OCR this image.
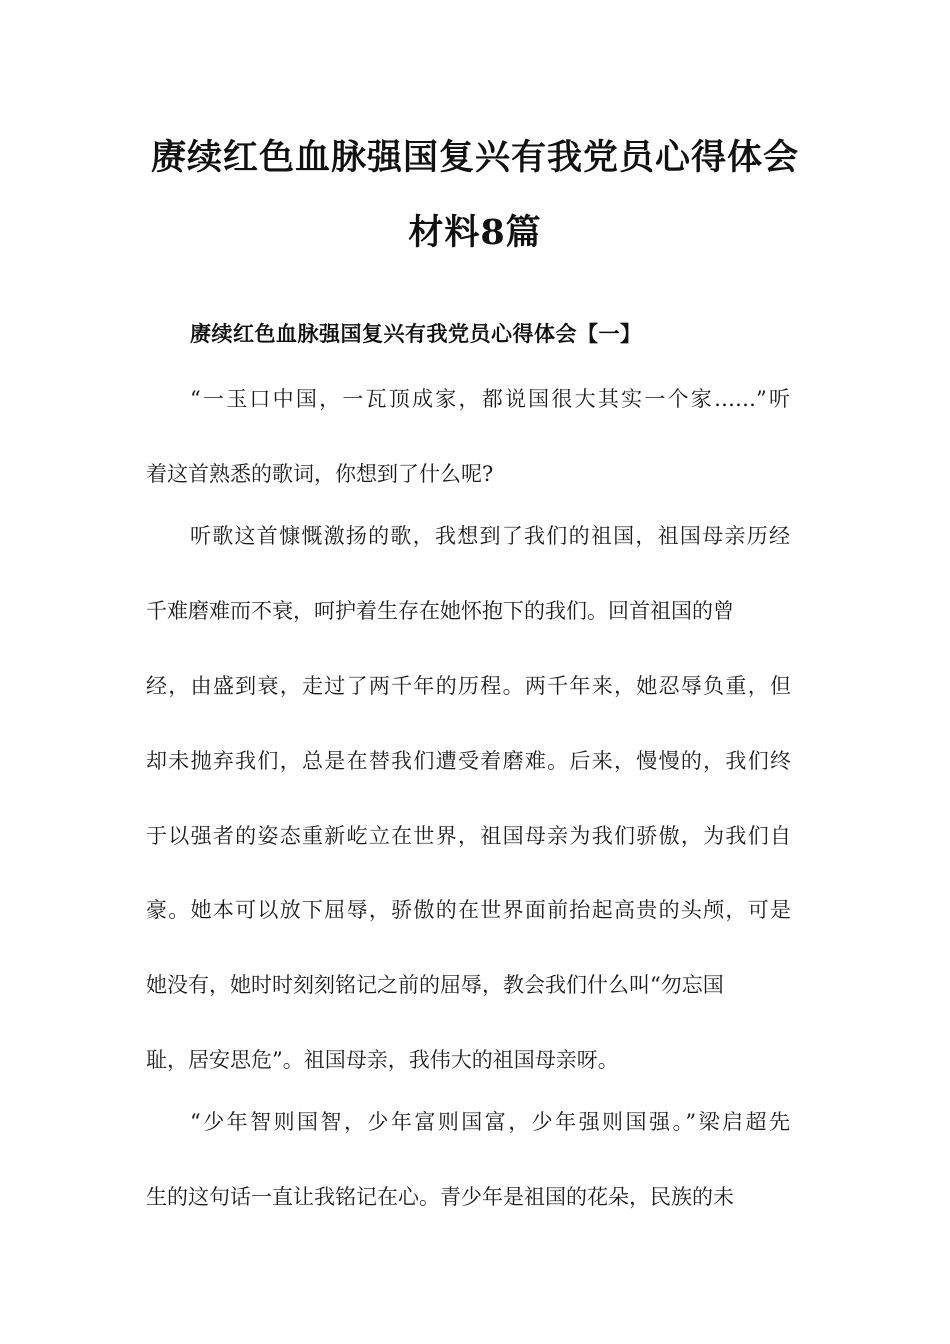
赓续红色血脉强国复兴有我党员心得体会
材料8篇
赓续红色血脉强国复兴有我党员心得体会【一】
“一玉口中国，一瓦顶成家，都说国很大其实一个家……”听
着这首熟悉的歌词，你想到了什么呢?
听歌这首慷慨激扬的歌，我想到了我们的祖国，祖国母亲历经
千难磨难而不衰，呵护着生存在她怀抱下的我们。回首祖国的曾
经，由盛到衰，走过了两千年的历程。两千年来，她忍辱负重，但
却未抛弃我们，总是在替我们遭受着磨难。后来，慢慢的，我们终
于以强者的姿态重新屹立在世界，祖国母亲为我们骄傲，为我们自
豪。她本可以放下屈辱，骄傲的在世界面前抬起高贵的头颅，可是
她没有，她时时刻刻铭记之前的屈辱，教会我们什么叫“勿忘国
耻，居安思危”。祖国母亲，我伟大的祖国母亲呀。
“少年智则国智，少年富则国富，少年强则国强。”梁启超先
生的这句话一直让我铭记在心。青少年是祖国的花朵，民族的未
